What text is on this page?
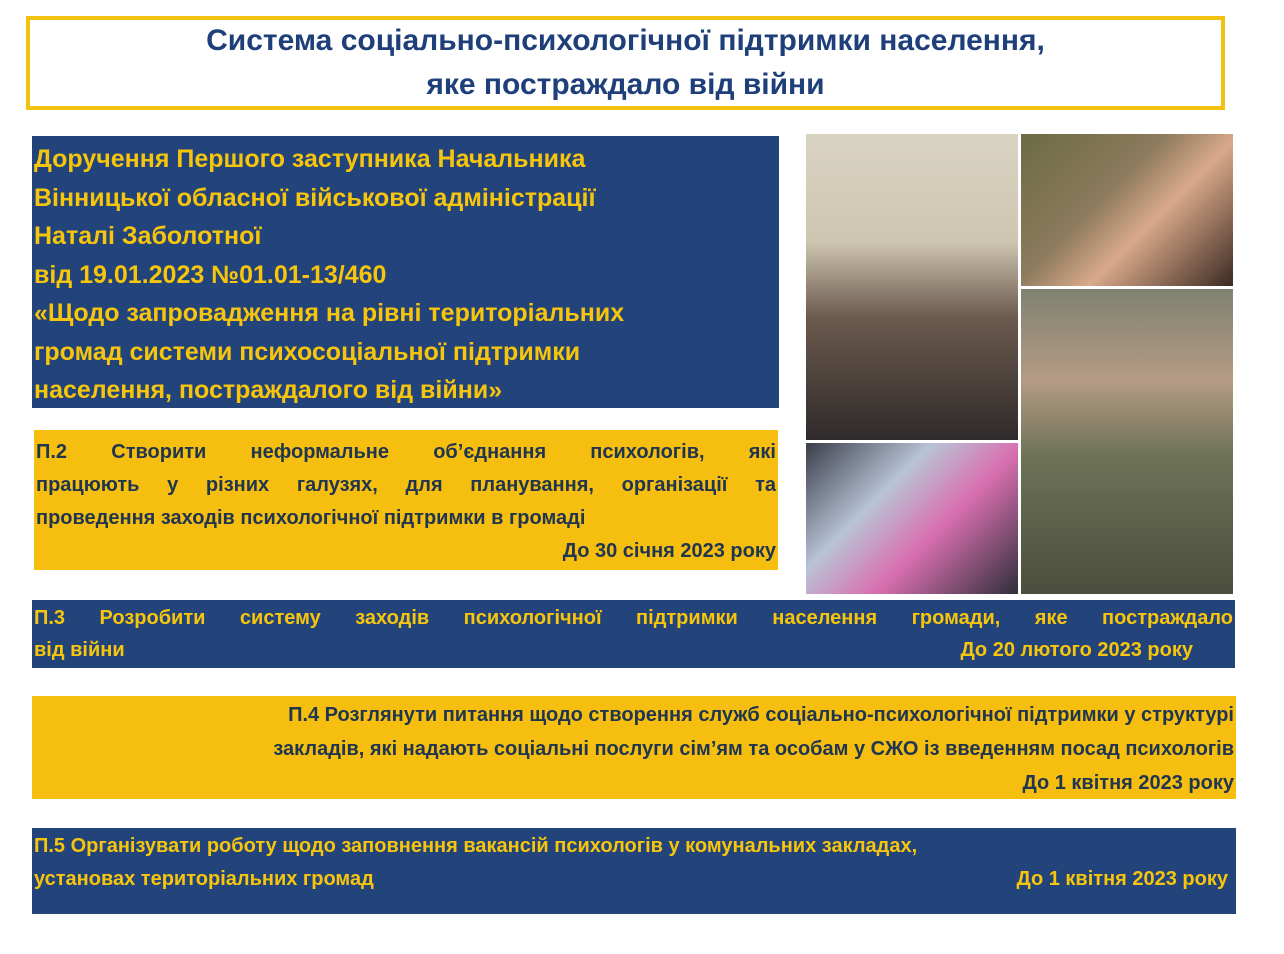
Система соціально-психологічної підтримки населення,
яке постраждало від війни
Доручення Першого заступника Начальника
Вінницької обласної військової адміністрації
Наталі Заболотної
від 19.01.2023 №01.01-13/460
«Щодо запровадження на рівні територіальних
громад системи психосоціальної підтримки
населення, постраждалого від війни»
П.2 Створити неформальне об’єднання психологів, які
працюють у різних галузях, для планування, організації та
проведення заходів психологічної підтримки в громаді
До 30 січня 2023 року
П.3 Розробити систему заходів психологічної підтримки населення громади, яке постраждало
від війни	До 20 лютого 2023 року
П.4 Розглянути питання щодо створення служб соціально-психологічної підтримки у структурі
закладів, які надають соціальні послуги сім’ям та особам у СЖО із введенням посад психологів
До 1 квітня 2023 року
П.5 Організувати роботу щодо заповнення вакансій психологів у комунальних закладах,
установах територіальних громад	До 1 квітня 2023 року
